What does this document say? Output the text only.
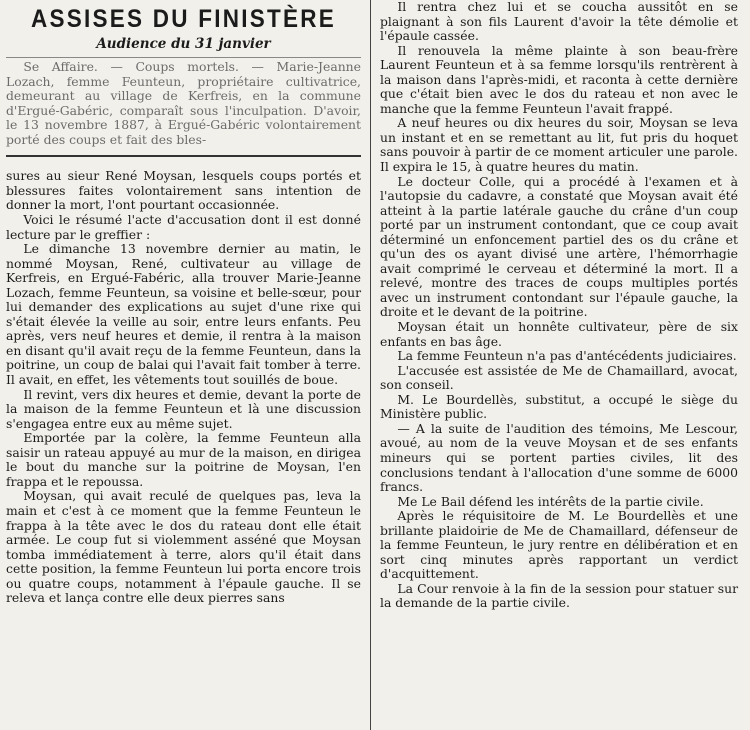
ASSISES DU FINISTÈRE
Audience du 31 janvier

Se Affaire. — Coups mortels. — Marie-Jeanne Lozach, femme Feunteun, propriétaire cultivatrice, demeurant au village de Kerfreis, en la commune d'Ergué-Gabéric, comparaît sous l'inculpation. D'avoir, le 13 novembre 1887, à Ergué-Gabéric volontairement porté des coups et fait des bles-

sures au sieur René Moysan, lesquels coups portés et blessures faites volontairement sans intention de donner la mort, l'ont pourtant occasionnée.

Voici le résumé l'acte d'accusation dont il est donné lecture par le greffier :

Le dimanche 13 novembre dernier au matin, le nommé Moysan, René, cultivateur au village de Kerfreis, en Ergué-Fabéric, alla trouver Marie-Jeanne Lozach, femme Feunteun, sa voisine et belle-sœur, pour lui demander des explications au sujet d'une rixe qui s'était élevée la veille au soir, entre leurs enfants. Peu après, vers neuf heures et demie, il rentra à la maison en disant qu'il avait reçu de la femme Feunteun, dans la poitrine, un coup de balai qui l'avait fait tomber à terre. Il avait, en effet, les vêtements tout souillés de boue.

Il revint, vers dix heures et demie, devant la porte de la maison de la femme Feunteun et là une discussion s'engagea entre eux au même sujet.

Emportée par la colère, la femme Feunteun alla saisir un rateau appuyé au mur de la maison, en dirigea le bout du manche sur la poitrine de Moysan, l'en frappa et le repoussa.

Moysan, qui avait reculé de quelques pas, leva la main et c'est à ce moment que la femme Feunteun le frappa à la tête avec le dos du rateau dont elle était armée. Le coup fut si violemment asséné que Moysan tomba immédiatement à terre, alors qu'il était dans cette position, la femme Feunteun lui porta encore trois ou quatre coups, notamment à l'épaule gauche. Il se releva et lança contre elle deux pierres sans

Il rentra chez lui et se coucha aussitôt en se plaignant à son fils Laurent d'avoir la tête démolie et l'épaule cassée.

Il renouvela la même plainte à son beau-frère Laurent Feunteun et à sa femme lorsqu'ils rentrèrent à la maison dans l'après-midi, et raconta à cette dernière que c'était bien avec le dos du rateau et non avec le manche que la femme Feunteun l'avait frappé.

A neuf heures ou dix heures du soir, Moysan se leva un instant et en se remettant au lit, fut pris du hoquet sans pouvoir à partir de ce moment articuler une parole. Il expira le 15, à quatre heures du matin.

Le docteur Colle, qui a procédé à l'examen et à l'autopsie du cadavre, a constaté que Moysan avait été atteint à la partie latérale gauche du crâne d'un coup porté par un instrument contondant, que ce coup avait déterminé un enfoncement partiel des os du crâne et qu'un des os ayant divisé une artère, l'hémorrhagie avait comprimé le cerveau et déterminé la mort. Il a relevé, montre des traces de coups multiples portés avec un instrument contondant sur l'épaule gauche, la droite et le devant de la poitrine.

Moysan était un honnête cultivateur, père de six enfants en bas âge.

La femme Feunteun n'a pas d'antécédents judiciaires.

L'accusée est assistée de Me de Chamaillard, avocat, son conseil.

M. Le Bourdellès, substitut, a occupé le siège du Ministère public.

— A la suite de l'audition des témoins, Me Lescour, avoué, au nom de la veuve Moysan et de ses enfants mineurs qui se portent parties civiles, lit des conclusions tendant à l'allocation d'une somme de 6000 francs.

Me Le Bail défend les intérêts de la partie civile.

Après le réquisitoire de M. Le Bourdellès et une brillante plaidoirie de Me de Chamaillard, défenseur de la femme Feunteun, le jury rentre en délibération et en sort cinq minutes après rapportant un verdict d'acquittement.

La Cour renvoie à la fin de la session pour statuer sur la demande de la partie civile.
